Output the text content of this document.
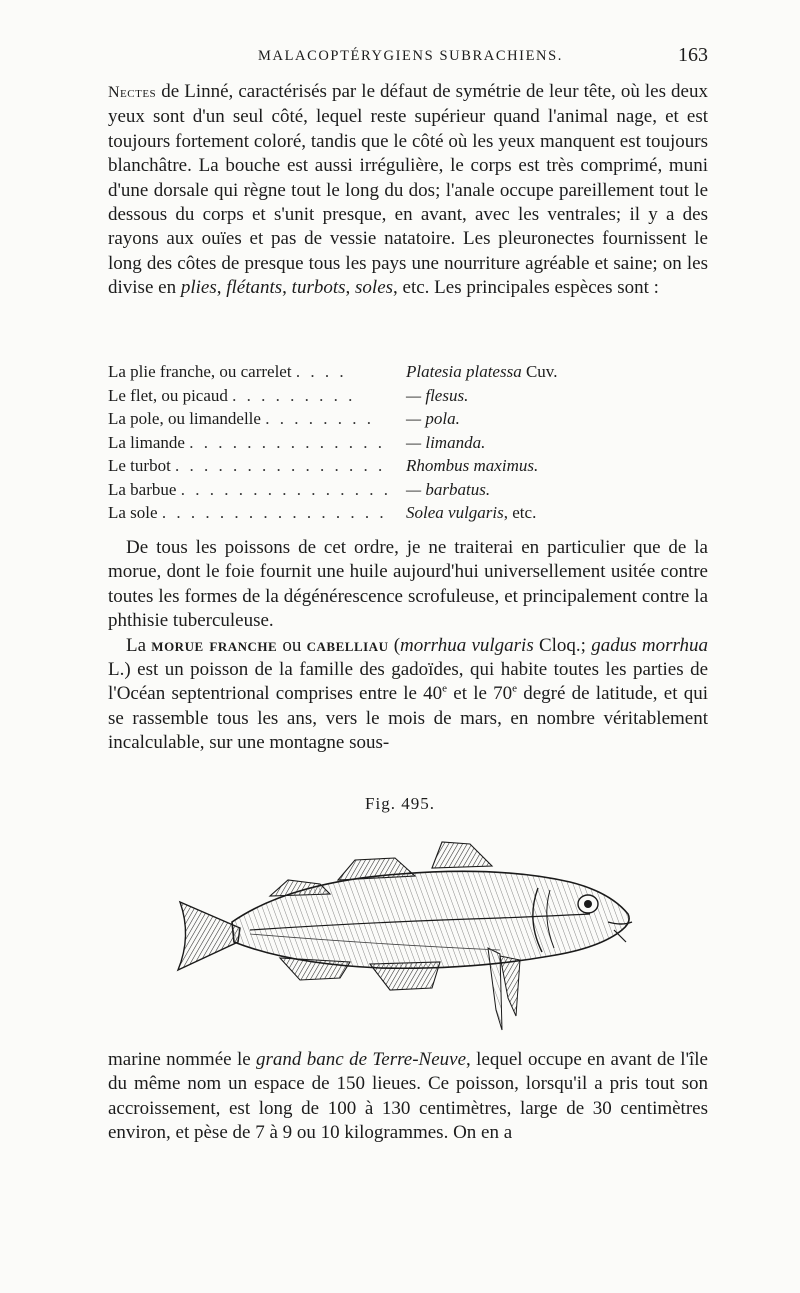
MALACOPTÉRYGIENS SUBRACHIENS.	163

Nectes de Linné, caractérisés par le défaut de symétrie de leur tête, où les deux yeux sont d'un seul côté, lequel reste supérieur quand l'animal nage, et est toujours fortement coloré, tandis que le côté où les yeux manquent est toujours blanchâtre. La bouche est aussi irrégulière, le corps est très comprimé, muni d'une dorsale qui règne tout le long du dos; l'anale occupe pareillement tout le dessous du corps et s'unit presque, en avant, avec les ventrales; il y a des rayons aux ouïes et pas de vessie natatoire. Les pleuronectes fournissent le long des côtes de presque tous les pays une nourriture agréable et saine; on les divise en plies, flétants, turbots, soles, etc. Les principales espèces sont :

La plie franche, ou carrelet . . . .	Platesia platessa Cuv.
Le flet, ou picaud . . . . . . . . .	— flesus.
La pole, ou limandelle . . . . . . . . — pola.
La limande . . . . . . . . . . . . . . — limanda.
Le turbot . . . . . . . . . . . . . . . Rhombus maximus.
La barbue . . . . . . . . . . . . . . . — barbatus.
La sole . . . . . . . . . . . . . . . . Solea vulgaris, etc.

De tous les poissons de cet ordre, je ne traiterai en particulier que de la morue, dont le foie fournit une huile aujourd'hui universellement usitée contre toutes les formes de la dégénérescence scrofuleuse, et principalement contre la phthisie tuberculeuse.

La morue franche ou cabelliau (morrhua vulgaris Cloq.; gadus morrhua L.) est un poisson de la famille des gadoïdes, qui habite toutes les parties de l'Océan septentrional comprises entre le 40e et le 70e degré de latitude, et qui se rassemble tous les ans, vers le mois de mars, en nombre véritablement incalculable, sur une montagne sous-

Fig. 495.

marine nommée le grand banc de Terre-Neuve, lequel occupe en avant de l'île du même nom un espace de 150 lieues. Ce poisson, lorsqu'il a pris tout son accroissement, est long de 100 à 130 centimètres, large de 30 centimètres environ, et pèse de 7 à 9 ou 10 kilogrammes. On en a
